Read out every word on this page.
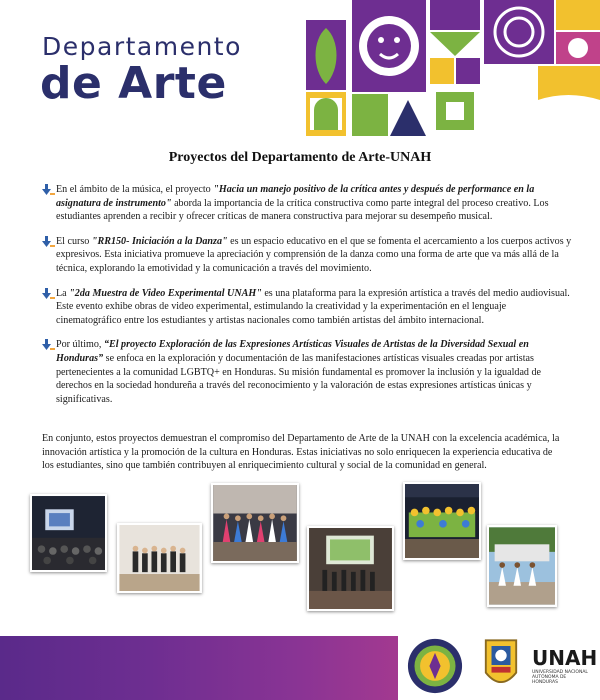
Departamento
de Arte
Proyectos del Departamento de Arte-UNAH
En el ámbito de la música, el proyecto "Hacia un manejo positivo de la crítica antes y después de performance en la asignatura de instrumento" aborda la importancia de la crítica constructiva como parte integral del proceso creativo. Los estudiantes aprenden a recibir y ofrecer críticas de manera constructiva para mejorar su desempeño musical.
El curso "RR150- Iniciación a la Danza" es un espacio educativo en el que se fomenta el acercamiento a los cuerpos activos y expresivos. Esta iniciativa promueve la apreciación y comprensión de la danza como una forma de arte que va más allá de la técnica, explorando la emotividad y la comunicación a través del movimiento.
La "2da Muestra de Video Experimental UNAH" es una plataforma para la expresión artística a través del medio audiovisual. Este evento exhibe obras de video experimental, estimulando la creatividad y la experimentación en el lenguaje cinematográfico entre los estudiantes y artistas nacionales como también artistas del ámbito internacional.
Por último, “El proyecto Exploración de las Expresiones Artísticas Visuales de Artistas de la Diversidad Sexual en Honduras” se enfoca en la exploración y documentación de las manifestaciones artísticas visuales creadas por artistas pertenecientes a la comunidad LGBTQ+ en Honduras. Su misión fundamental es promover la inclusión y la igualdad de derechos en la sociedad hondureña a través del reconocimiento y la valoración de estas expresiones artísticas únicas y significativas.
En conjunto, estos proyectos demuestran el compromiso del Departamento de Arte de la UNAH con la excelencia académica, la innovación artística y la promoción de la cultura en Honduras. Estas iniciativas no solo enriquecen la experiencia educativa de los estudiantes, sino que también contribuyen al enriquecimiento cultural y social de la comunidad en general.
UNAH
UNIVERSIDAD NACIONAL AUTÓNOMA DE HONDURAS
